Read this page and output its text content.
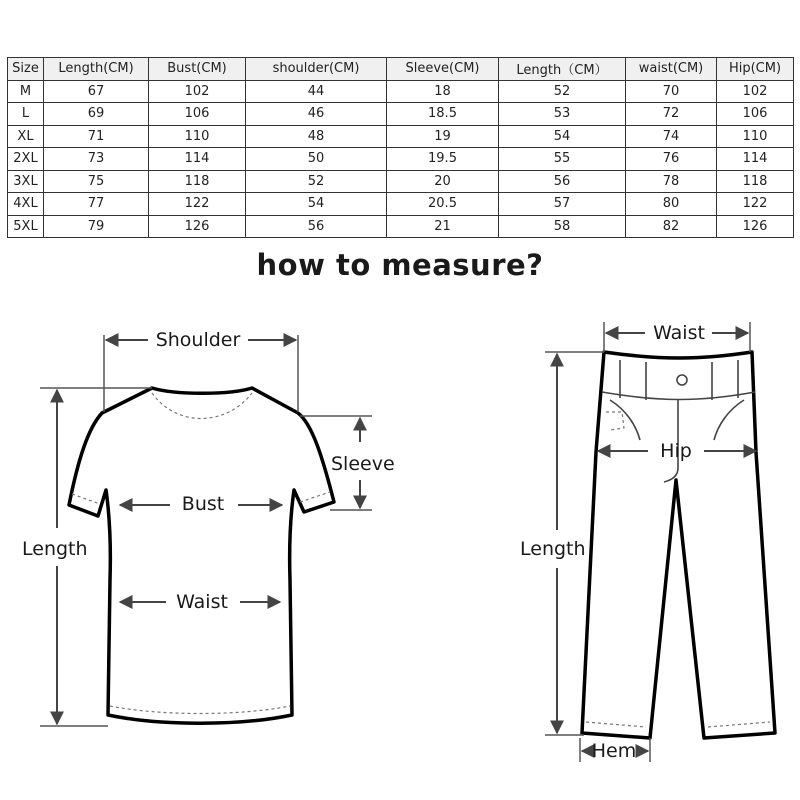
Size	Length(CM)	Bust(CM)	shoulder(CM)	Sleeve(CM)	Length（CM）	waist(CM)	Hip(CM)
M	67	102	44	18	52	70	102
L	69	106	46	18.5	53	72	106
XL	71	110	48	19	54	74	110
2XL	73	114	50	19.5	55	76	114
3XL	75	118	52	20	56	78	118
4XL	77	122	54	20.5	57	80	122
5XL	79	126	56	21	58	82	126
how to measure?
Shoulder
Sleeve
Bust
Waist
Length
Waist
Hip
Length
Hem
